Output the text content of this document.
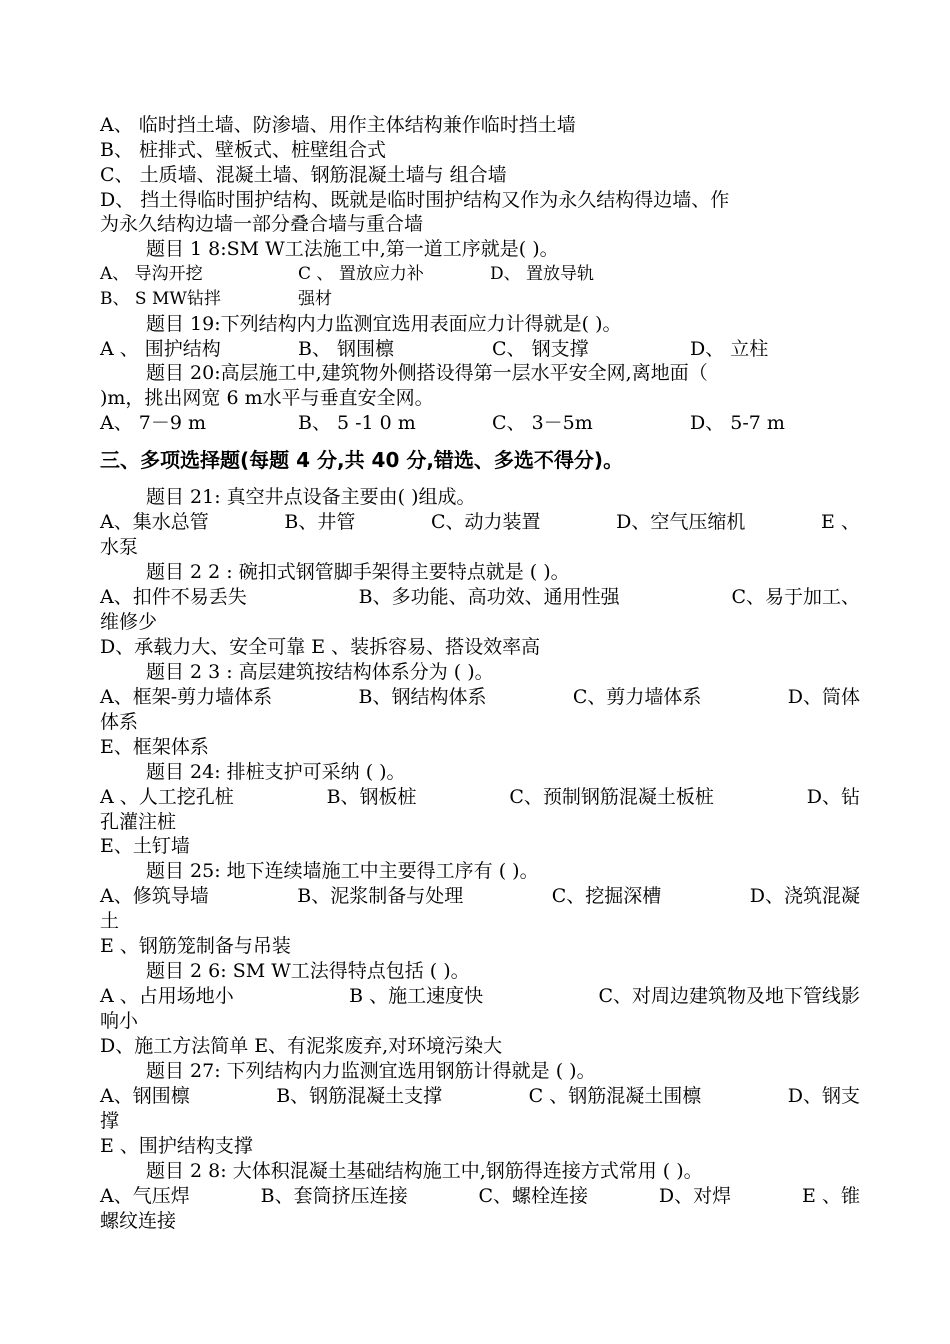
A、 临时挡土墙、防渗墙、用作主体结构兼作临时挡土墙
B、 桩排式、壁板式、桩壁组合式
C、 土质墙、混凝土墙、钢筋混凝土墙与 组合墙
D、 挡土得临时围护结构、既就是临时围护结构又作为永久结构得边墙、作
为永久结构边墙一部分叠合墙与重合墙
题目 1 8:SM W工法施工中,第一道工序就是( )。
A、 导沟开挖	C 、 置放应力补	D、 置放导轨
B、 S MW钻拌	强材
题目 19:下列结构内力监测宜选用表面应力计得就是( )。
A 、 围护结构	B、 钢围檩	C、 钢支撑	D、 立柱
题目 20:高层施工中,建筑物外侧搭设得第一层水平安全网,离地面（
)m，挑出网宽 6 m水平与垂直安全网。
A、 7－9 m	B、 5 -1 0 m	C、 3－5m	D、 5-7 m
三、多项选择题(每题 4 分,共 40 分,错选、多选不得分)。
题目 21: 真空井点设备主要由( )组成。
A、集水总管	B、井管	C、动力装置	D、空气压缩机	E 、
水泵
题目 2 2 : 碗扣式钢管脚手架得主要特点就是 ( )。
A、扣件不易丢失	B、多功能、高功效、通用性强	C、易于加工、
维修少
D、承载力大、安全可靠 E 、装拆容易、搭设效率高
题目 2 3 : 高层建筑按结构体系分为 ( )。
A、框架-剪力墙体系	B、钢结构体系	C、剪力墙体系	D、筒体
体系
E、框架体系
题目 24: 排桩支护可采纳 ( )。
A 、人工挖孔桩	B、钢板桩	C、预制钢筋混凝土板桩	D、钻
孔灌注桩
E、土钉墙
题目 25: 地下连续墙施工中主要得工序有 ( )。
A、修筑导墙	B、泥浆制备与处理	C、挖掘深槽	D、浇筑混凝
土
E 、钢筋笼制备与吊装
题目 2 6: SM W工法得特点包括 ( )。
A 、占用场地小	B 、施工速度快	C、对周边建筑物及地下管线影
响小
D、施工方法简单 E、有泥浆废弃,对环境污染大
题目 27: 下列结构内力监测宜选用钢筋计得就是 ( )。
A、钢围檩	B、钢筋混凝土支撑	C 、钢筋混凝土围檩	D、钢支
撑
E 、围护结构支撑
题目 2 8: 大体积混凝土基础结构施工中,钢筋得连接方式常用 ( )。
A、气压焊	B、套筒挤压连接	C、螺栓连接	D、对焊	E 、锥
螺纹连接
